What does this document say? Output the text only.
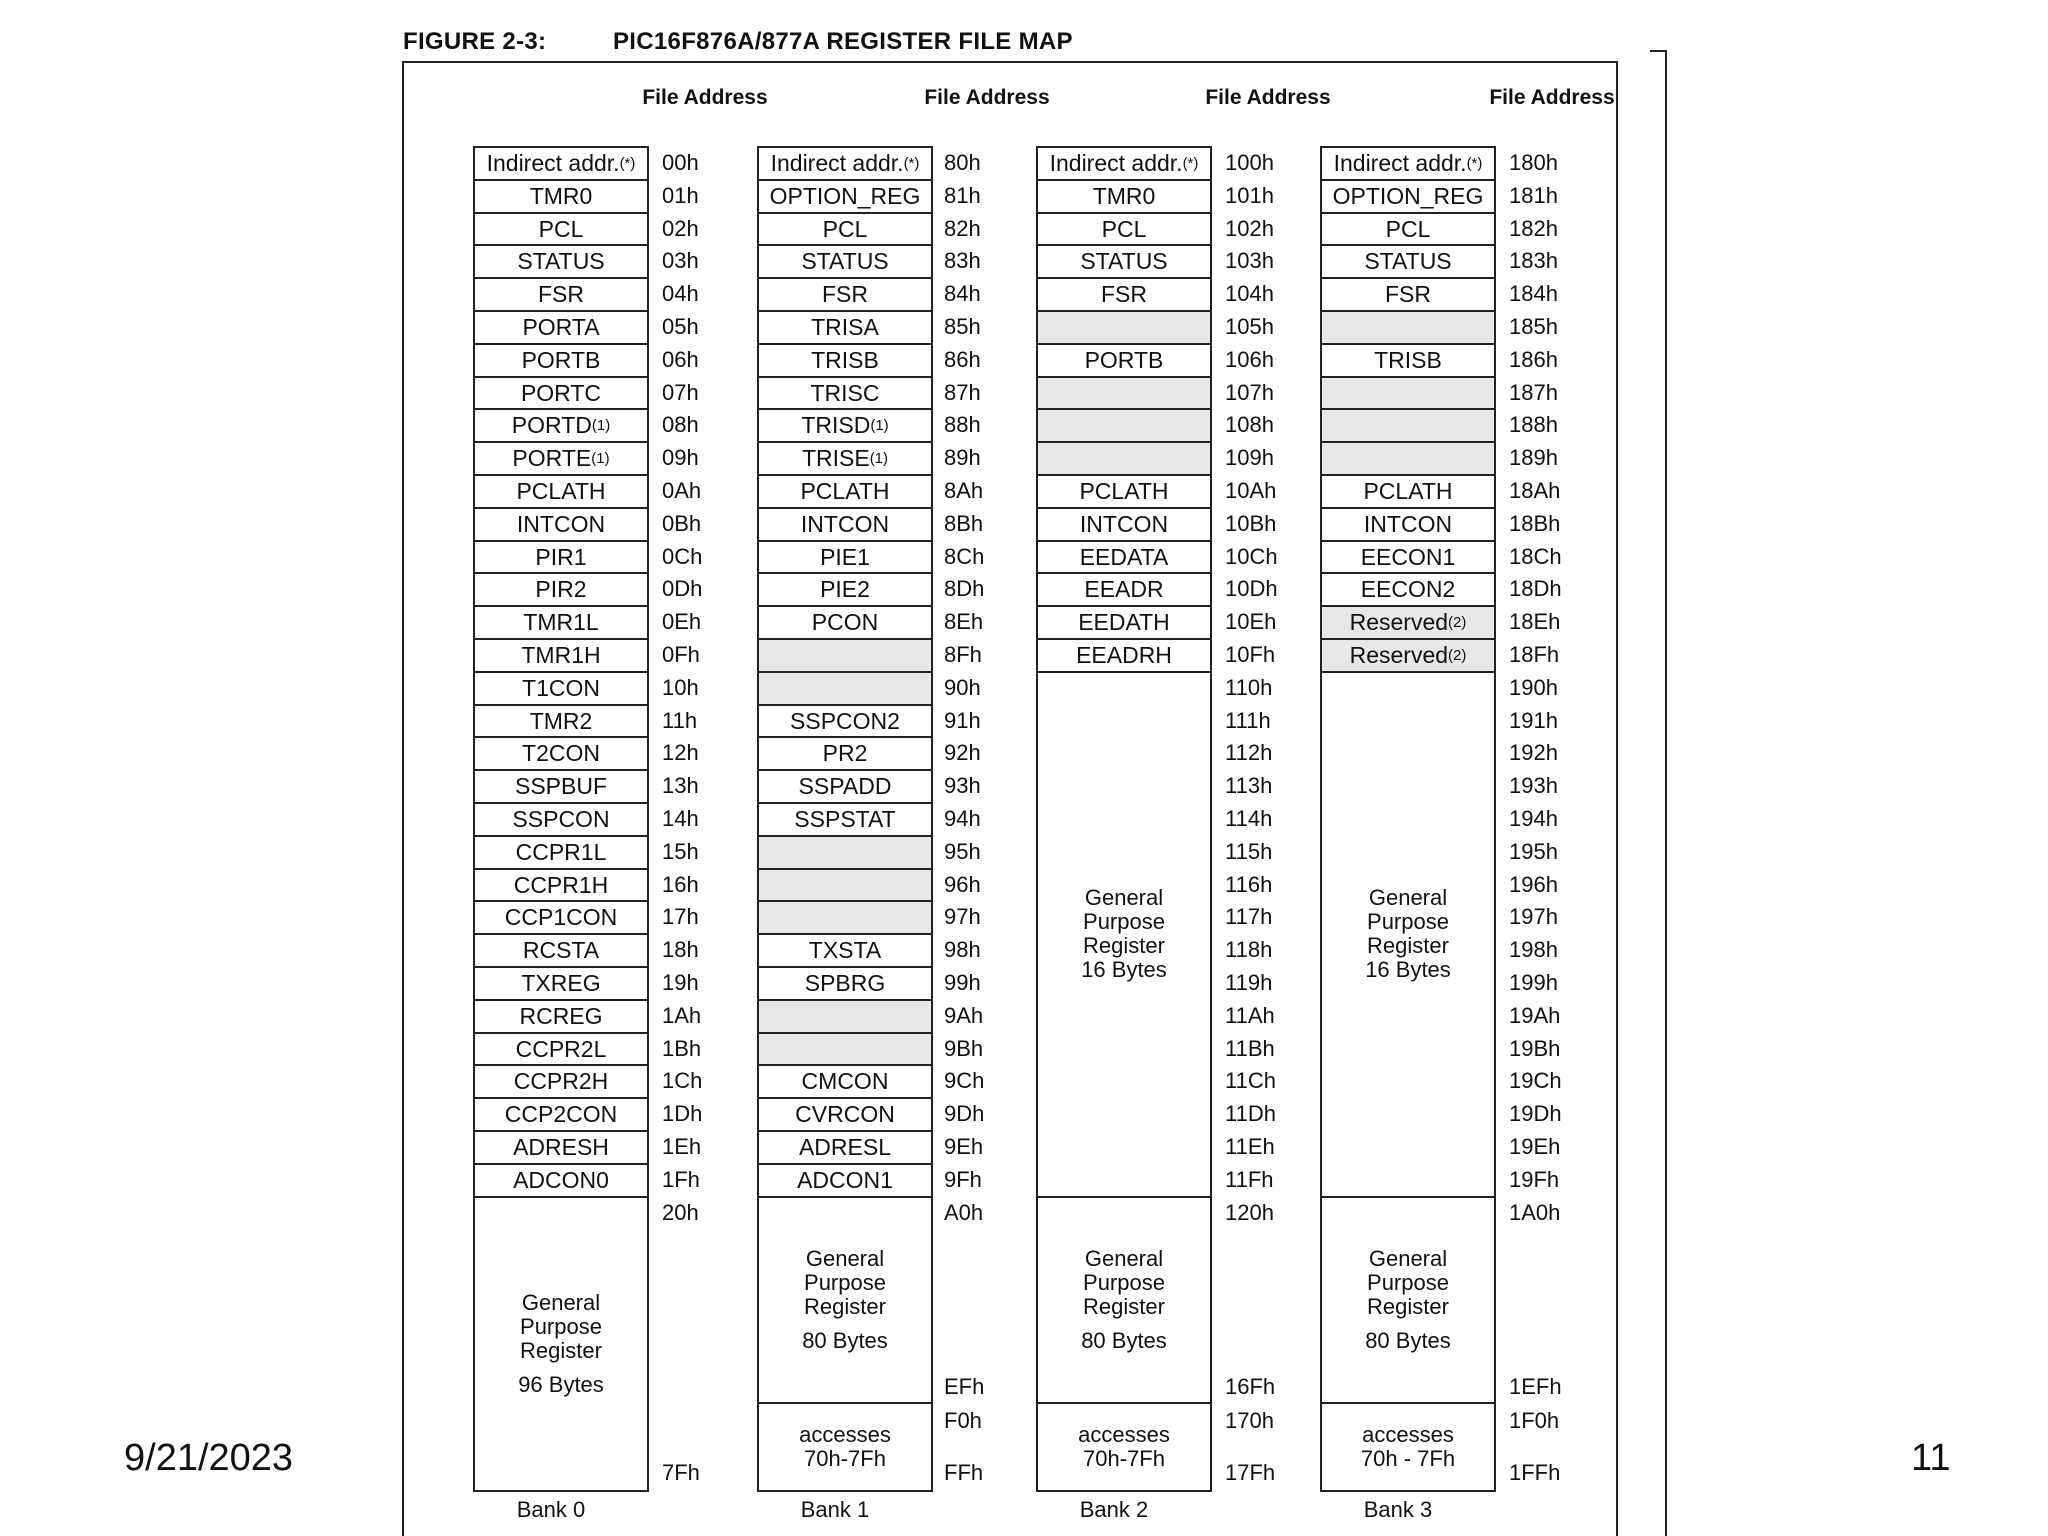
FIGURE 2-3:	PIC16F876A/877A REGISTER FILE MAP
File Address
Indirect addr. (*)
TMR0
PCL
STATUS
FSR
PORTA
PORTB
PORTC
PORTD (1)
PORTE (1)
PCLATH
INTCON
PIR1
PIR2
TMR1L
TMR1H
T1CON
TMR2
T2CON
SSPBUF
SSPCON
CCPR1L
CCPR1H
CCP1CON
RCSTA
TXREG
RCREG
CCPR2L
CCPR2H
CCP2CON
ADRESH
ADCON0
00h
01h
02h
03h
04h
05h
06h
07h
08h
09h
0Ah
0Bh
0Ch
0Dh
0Eh
0Fh
10h
11h
12h
13h
14h
15h
16h
17h
18h
19h
1Ah
1Bh
1Ch
1Dh
1Eh
1Fh
General
Purpose
Register
96 Bytes
20h
7Fh
Bank 0
File Address
Indirect addr. (*)
OPTION_REG
PCL
STATUS
FSR
TRISA
TRISB
TRISC
TRISD (1)
TRISE (1)
PCLATH
INTCON
PIE1
PIE2
PCON
SSPCON2
PR2
SSPADD
SSPSTAT
TXSTA
SPBRG
CMCON
CVRCON
ADRESL
ADCON1
80h
81h
82h
83h
84h
85h
86h
87h
88h
89h
8Ah
8Bh
8Ch
8Dh
8Eh
8Fh
90h
91h
92h
93h
94h
95h
96h
97h
98h
99h
9Ah
9Bh
9Ch
9Dh
9Eh
9Fh
General
Purpose
Register
80 Bytes
A0h
EFh
accesses
70h-7Fh
F0h
FFh
Bank 1
File Address
Indirect addr. (*)
TMR0
PCL
STATUS
FSR
PORTB
PCLATH
INTCON
EEDATA
EEADR
EEDATH
EEADRH
General
Purpose
Register
16 Bytes
100h
101h
102h
103h
104h
105h
106h
107h
108h
109h
10Ah
10Bh
10Ch
10Dh
10Eh
10Fh
110h
111h
112h
113h
114h
115h
116h
117h
118h
119h
11Ah
11Bh
11Ch
11Dh
11Eh
11Fh
General
Purpose
Register
80 Bytes
120h
16Fh
accesses
70h-7Fh
170h
17Fh
Bank 2
File Address
Indirect addr. (*)
OPTION_REG
PCL
STATUS
FSR
TRISB
PCLATH
INTCON
EECON1
EECON2
Reserved (2)
Reserved (2)
General
Purpose
Register
16 Bytes
180h
181h
182h
183h
184h
185h
186h
187h
188h
189h
18Ah
18Bh
18Ch
18Dh
18Eh
18Fh
190h
191h
192h
193h
194h
195h
196h
197h
198h
199h
19Ah
19Bh
19Ch
19Dh
19Eh
19Fh
General
Purpose
Register
80 Bytes
1A0h
1EFh
accesses
70h - 7Fh
1F0h
1FFh
Bank 3
9/21/2023	11
